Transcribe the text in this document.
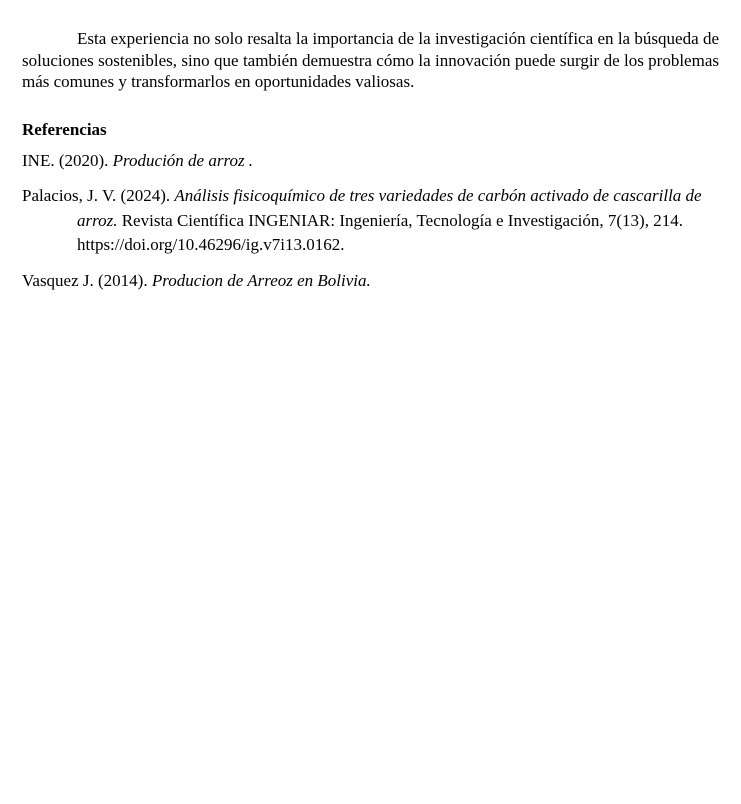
Esta experiencia no solo resalta la importancia de la investigación científica en la búsqueda de soluciones sostenibles, sino que también demuestra cómo la innovación puede surgir de los problemas más comunes y transformarlos en oportunidades valiosas.

Referencias

INE. (2020). Produción de arroz .

Palacios, J. V. (2024). Análisis fisicoquímico de tres variedades de carbón activado de cascarilla de arroz. Revista Científica INGENIAR: Ingeniería, Tecnología e Investigación, 7(13), 214. https://doi.org/10.46296/ig.v7i13.0162.

Vasquez J. (2014). Producion de Arreoz en Bolivia.
